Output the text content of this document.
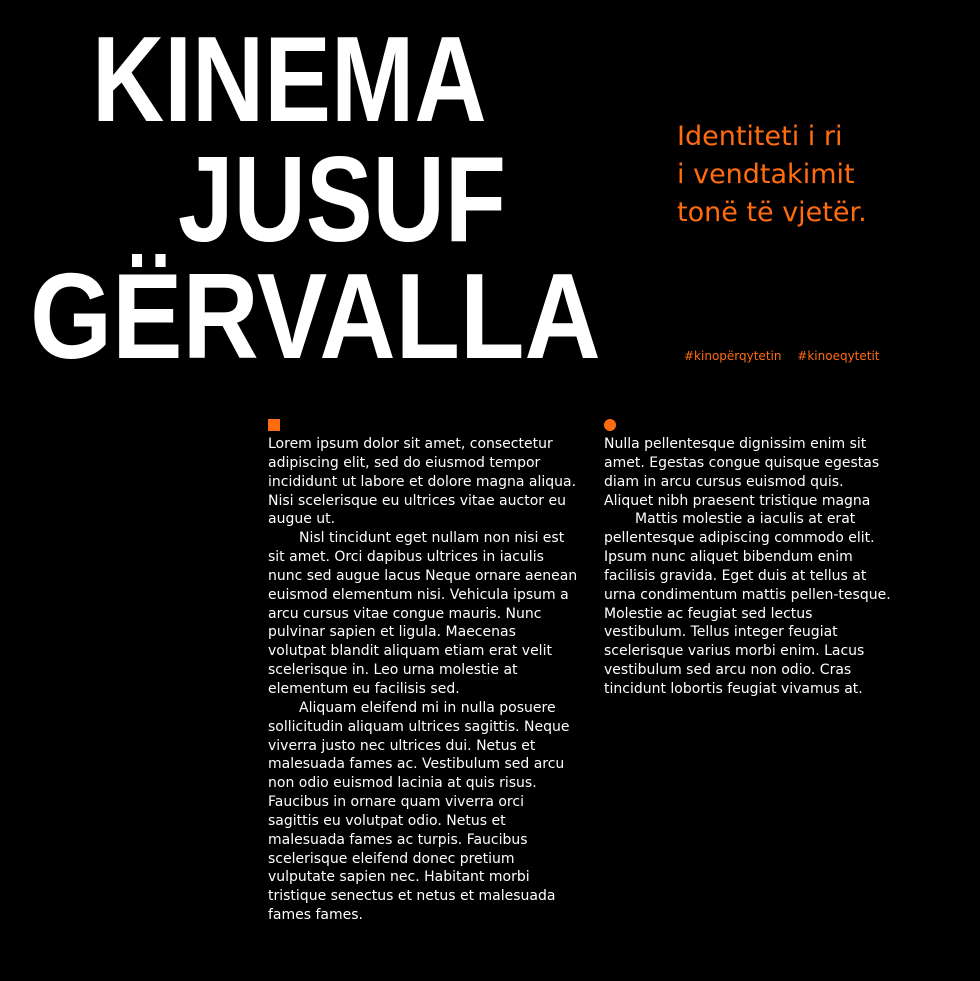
KINEMA
JUSUF
GËRVALLA
Identiteti i ri
i vendtakimit
tonë të vjetër.
#kinopërqytetin #kinoeqytetit

Lorem ipsum dolor sit amet, consectetur adipiscing elit, sed do eiusmod tempor incididunt ut labore et dolore magna aliqua. Nisi scelerisque eu ultrices vitae auctor eu augue ut.

Nisl tincidunt eget nullam non nisi est sit amet. Orci dapibus ultrices in iaculis nunc sed augue lacus Neque ornare aenean euismod elementum nisi. Vehicula ipsum a arcu cursus vitae congue mauris. Nunc pulvinar sapien et ligula. Maecenas volutpat blandit aliquam etiam erat velit scelerisque in. Leo urna molestie at elementum eu facilisis sed.

Aliquam eleifend mi in nulla posuere sollicitudin aliquam ultrices sagittis. Neque viverra justo nec ultrices dui. Netus et malesuada fames ac. Vestibulum sed arcu non odio euismod lacinia at quis risus. Faucibus in ornare quam viverra orci sagittis eu volutpat odio. Netus et malesuada fames ac turpis. Faucibus scelerisque eleifend donec pretium vulputate sapien nec. Habitant morbi tristique senectus et netus et malesuada fames fames.

Nulla pellentesque dignissim enim sit amet. Egestas congue quisque egestas diam in arcu cursus euismod quis. Aliquet nibh praesent tristique magna

Mattis molestie a iaculis at erat pellentesque adipiscing commodo elit. Ipsum nunc aliquet bibendum enim facilisis gravida. Eget duis at tellus at urna condimentum mattis pellen-tesque. Molestie ac feugiat sed lectus vestibulum. Tellus integer feugiat scelerisque varius morbi enim. Lacus vestibulum sed arcu non odio. Cras tincidunt lobortis feugiat vivamus at.
